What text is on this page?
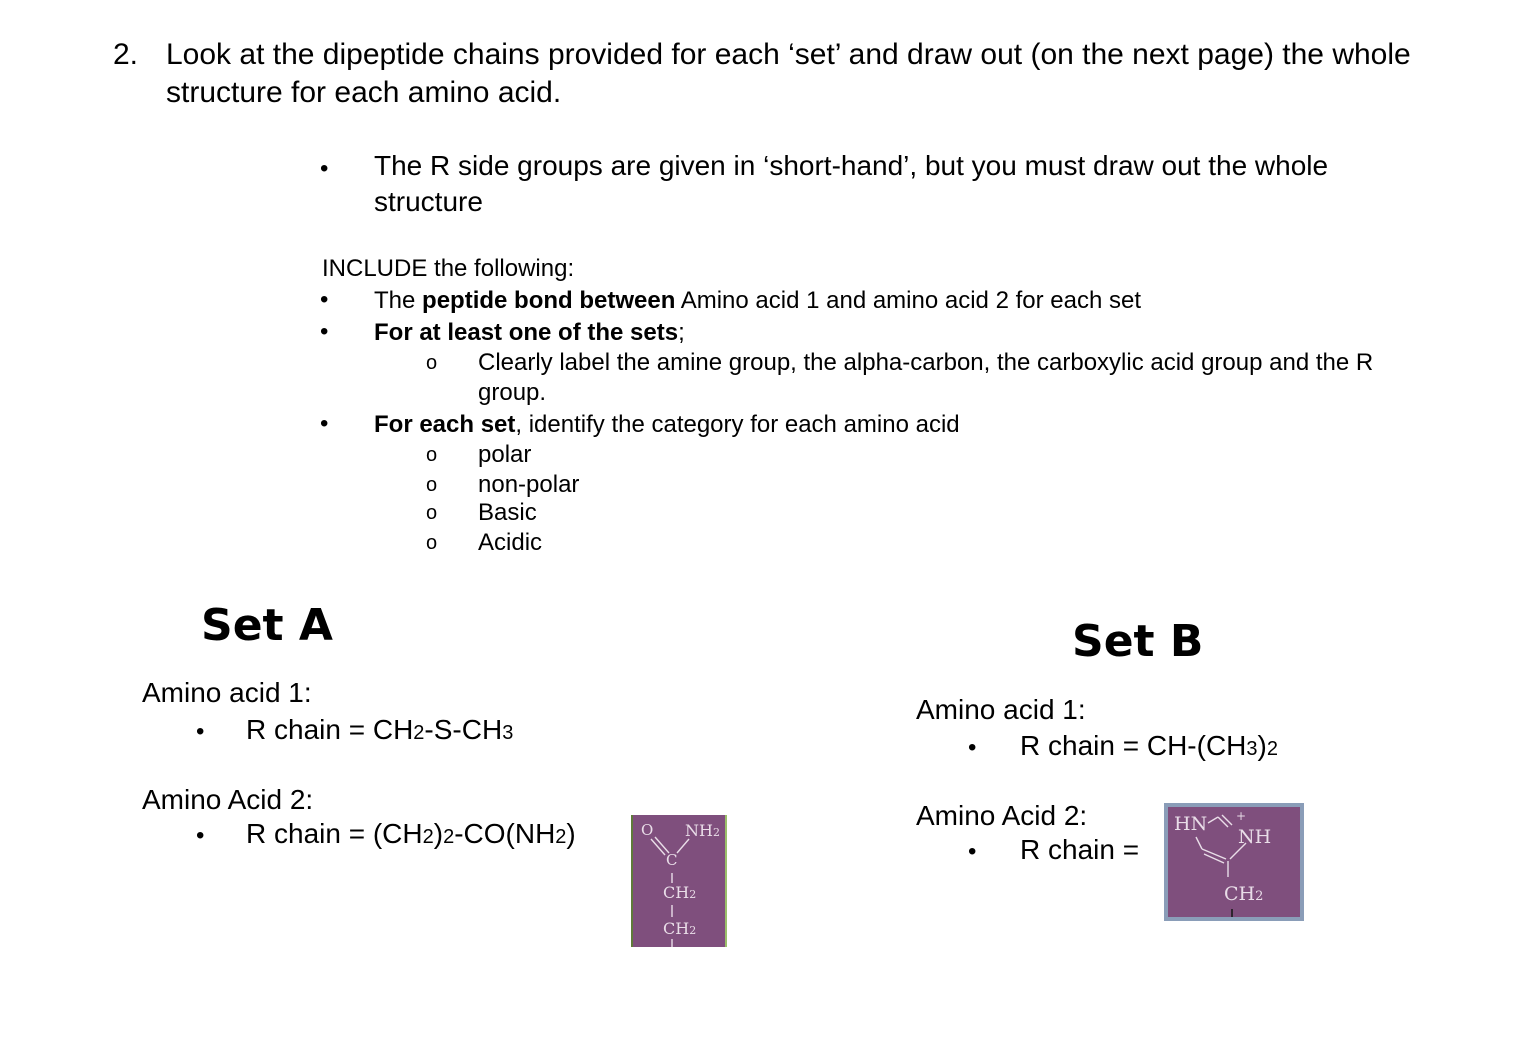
2. Look at the dipeptide chains provided for each ‘set’ and draw out (on the next page) the whole
structure for each amino acid.
• The R side groups are given in ‘short-hand’, but you must draw out the whole
structure
INCLUDE the following:
• The peptide bond between Amino acid 1 and amino acid 2 for each set
• For at least one of the sets;
o Clearly label the amine group, the alpha-carbon, the carboxylic acid group and the R
group.
• For each set, identify the category for each amino acid
o polar
o non-polar
o Basic
o Acidic
Set A
Amino acid 1:
• R chain = CH2-S-CH3
Amino Acid 2:
• R chain = (CH2)2-CO(NH2)	O NH2
C
CH2
CH2
Set B
Amino acid 1:
• R chain = CH-(CH3)2
Amino Acid 2:
• R chain =
HN +
NH
CH2
